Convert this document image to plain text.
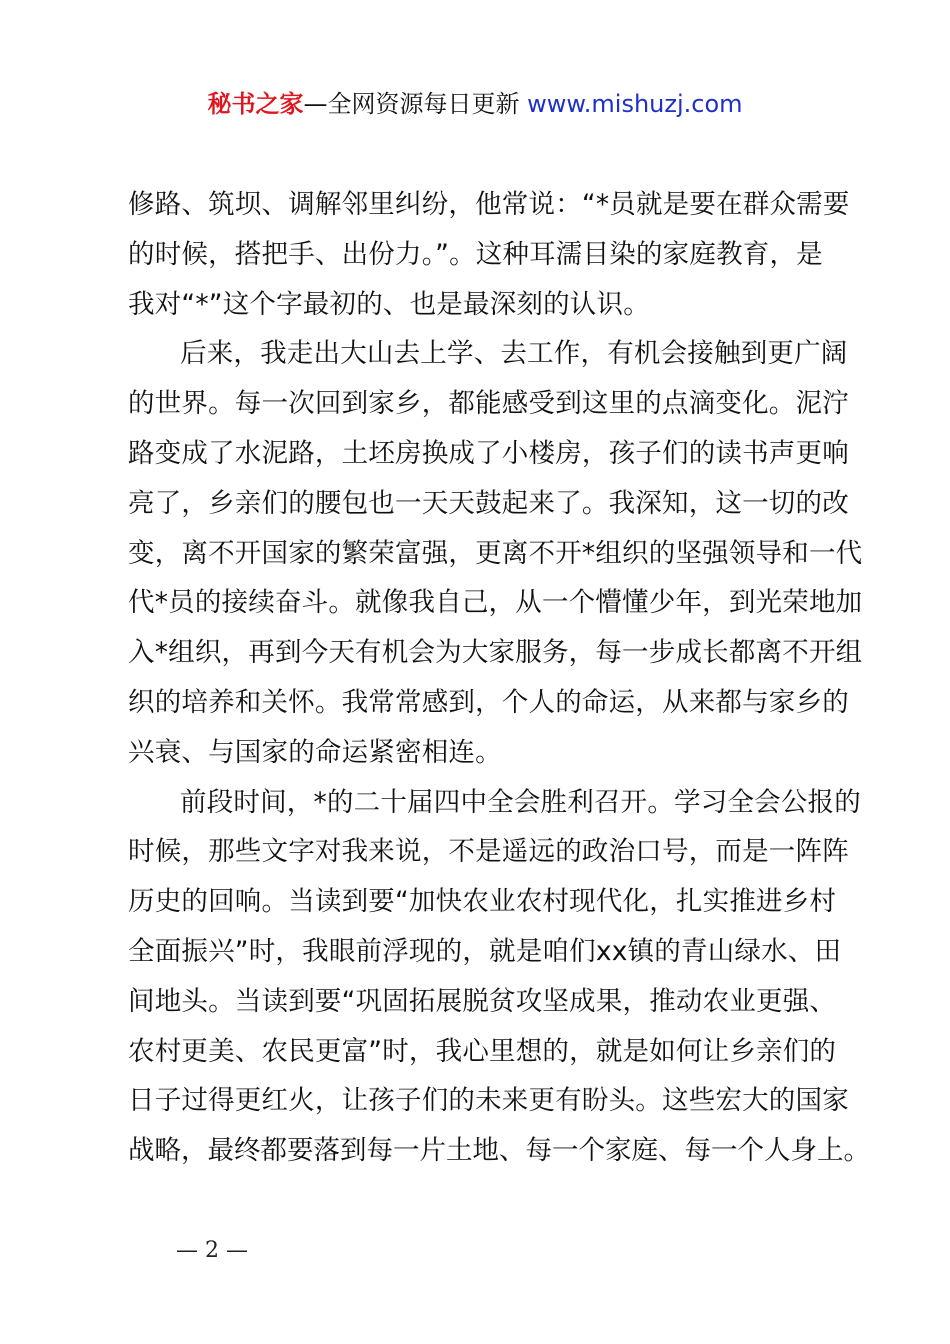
秘书之家—全网资源每日更新 www.mishuzj.com
修路、筑坝、调解邻里纠纷，他常说：“*员就是要在群众需要
的时候，搭把手、出份力。”。这种耳濡目染的家庭教育，是
我对“*”这个字最初的、也是最深刻的认识。
后来，我走出大山去上学、去工作，有机会接触到更广阔
的世界。每一次回到家乡，都能感受到这里的点滴变化。泥泞
路变成了水泥路，土坯房换成了小楼房，孩子们的读书声更响
亮了，乡亲们的腰包也一天天鼓起来了。我深知，这一切的改
变，离不开国家的繁荣富强，更离不开*组织的坚强领导和一代
代*员的接续奋斗。就像我自己，从一个懵懂少年，到光荣地加
入*组织，再到今天有机会为大家服务，每一步成长都离不开组
织的培养和关怀。我常常感到，个人的命运，从来都与家乡的
兴衰、与国家的命运紧密相连。
前段时间，*的二十届四中全会胜利召开。学习全会公报的
时候，那些文字对我来说，不是遥远的政治口号，而是一阵阵
历史的回响。当读到要“加快农业农村现代化，扎实推进乡村
全面振兴”时，我眼前浮现的，就是咱们xx镇的青山绿水、田
间地头。当读到要“巩固拓展脱贫攻坚成果，推动农业更强、
农村更美、农民更富”时，我心里想的，就是如何让乡亲们的
日子过得更红火，让孩子们的未来更有盼头。这些宏大的国家
战略，最终都要落到每一片土地、每一个家庭、每一个人身上。
— 2 —
